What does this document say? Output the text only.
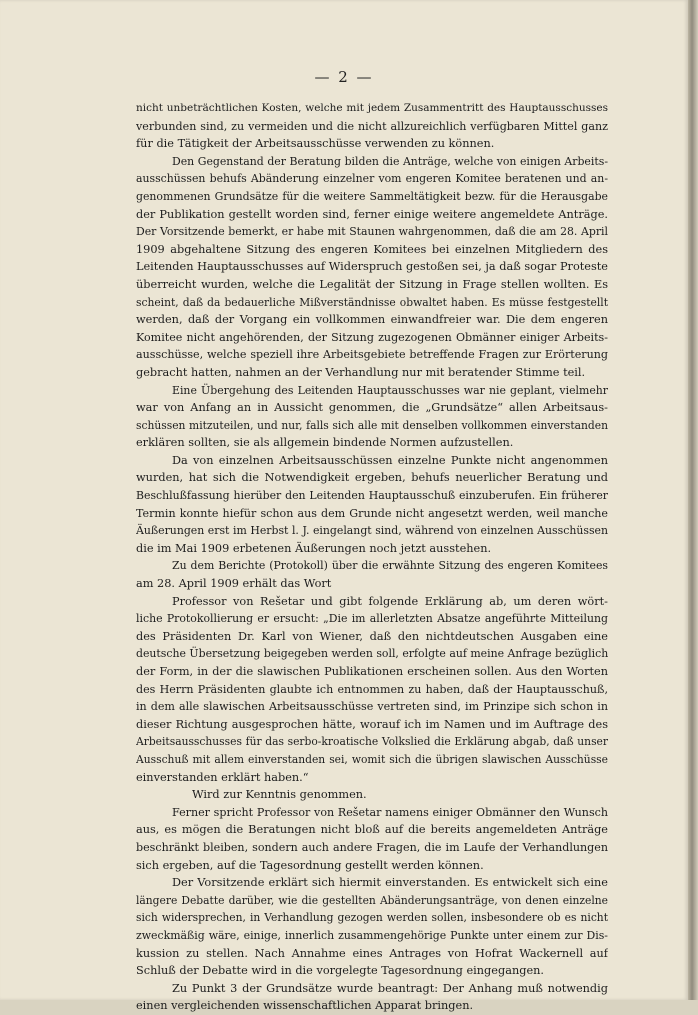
— 2 —
nicht unbeträchtlichen Kosten, welche mit jedem Zusammentritt des Hauptausschusses
verbunden sind, zu vermeiden und die nicht allzureichlich verfügbaren Mittel ganz
für die Tätigkeit der Arbeitsausschüsse verwenden zu können.
Den Gegenstand der Beratung bilden die Anträge, welche von einigen Arbeits-
ausschüssen behufs Abänderung einzelner vom engeren Komitee beratenen und an-
genommenen Grundsätze für die weitere Sammeltätigkeit bezw. für die Herausgabe
der Publikation gestellt worden sind, ferner einige weitere angemeldete Anträge.
Der Vorsitzende bemerkt, er habe mit Staunen wahrgenommen, daß die am 28. April
1909 abgehaltene Sitzung des engeren Komitees bei einzelnen Mitgliedern des
Leitenden Hauptausschusses auf Widerspruch gestoßen sei, ja daß sogar Proteste
überreicht wurden, welche die Legalität der Sitzung in Frage stellen wollten. Es
scheint, daß da bedauerliche Mißverständnisse obwaltet haben. Es müsse festgestellt
werden, daß der Vorgang ein vollkommen einwandfreier war. Die dem engeren
Komitee nicht angehörenden, der Sitzung zugezogenen Obmänner einiger Arbeits-
ausschüsse, welche speziell ihre Arbeitsgebiete betreffende Fragen zur Erörterung
gebracht hatten, nahmen an der Verhandlung nur mit beratender Stimme teil.
Eine Übergehung des Leitenden Hauptausschusses war nie geplant, vielmehr
war von Anfang an in Aussicht genommen, die „Grundsätze“ allen Arbeitsaus-
schüssen mitzuteilen, und nur, falls sich alle mit denselben vollkommen einverstanden
erklären sollten, sie als allgemein bindende Normen aufzustellen.
Da von einzelnen Arbeitsausschüssen einzelne Punkte nicht angenommen
wurden, hat sich die Notwendigkeit ergeben, behufs neuerlicher Beratung und
Beschlußfassung hierüber den Leitenden Hauptausschuß einzuberufen. Ein früherer
Termin konnte hiefür schon aus dem Grunde nicht angesetzt werden, weil manche
Äußerungen erst im Herbst l. J. eingelangt sind, während von einzelnen Ausschüssen
die im Mai 1909 erbetenen Äußerungen noch jetzt ausstehen.
Zu dem Berichte (Protokoll) über die erwähnte Sitzung des engeren Komitees
am 28. April 1909 erhält das Wort
Professor von Rešetar und gibt folgende Erklärung ab, um deren wört-
liche Protokollierung er ersucht: „Die im allerletzten Absatze angeführte Mitteilung
des Präsidenten Dr. Karl von Wiener, daß den nichtdeutschen Ausgaben eine
deutsche Übersetzung beigegeben werden soll, erfolgte auf meine Anfrage bezüglich
der Form, in der die slawischen Publikationen erscheinen sollen. Aus den Worten
des Herrn Präsidenten glaubte ich entnommen zu haben, daß der Hauptausschuß,
in dem alle slawischen Arbeitsausschüsse vertreten sind, im Prinzipe sich schon in
dieser Richtung ausgesprochen hätte, worauf ich im Namen und im Auftrage des
Arbeitsausschusses für das serbo-kroatische Volkslied die Erklärung abgab, daß unser
Ausschuß mit allem einverstanden sei, womit sich die übrigen slawischen Ausschüsse
einverstanden erklärt haben.“
Wird zur Kenntnis genommen.
Ferner spricht Professor von Rešetar namens einiger Obmänner den Wunsch
aus, es mögen die Beratungen nicht bloß auf die bereits angemeldeten Anträge
beschränkt bleiben, sondern auch andere Fragen, die im Laufe der Verhandlungen
sich ergeben, auf die Tagesordnung gestellt werden können.
Der Vorsitzende erklärt sich hiermit einverstanden. Es entwickelt sich eine
längere Debatte darüber, wie die gestellten Abänderungsanträge, von denen einzelne
sich widersprechen, in Verhandlung gezogen werden sollen, insbesondere ob es nicht
zweckmäßig wäre, einige, innerlich zusammengehörige Punkte unter einem zur Dis-
kussion zu stellen. Nach Annahme eines Antrages von Hofrat Wackernell auf
Schluß der Debatte wird in die vorgelegte Tagesordnung eingegangen.
Zu Punkt 3 der Grundsätze wurde beantragt: Der Anhang muß notwendig
einen vergleichenden wissenschaftlichen Apparat bringen.
